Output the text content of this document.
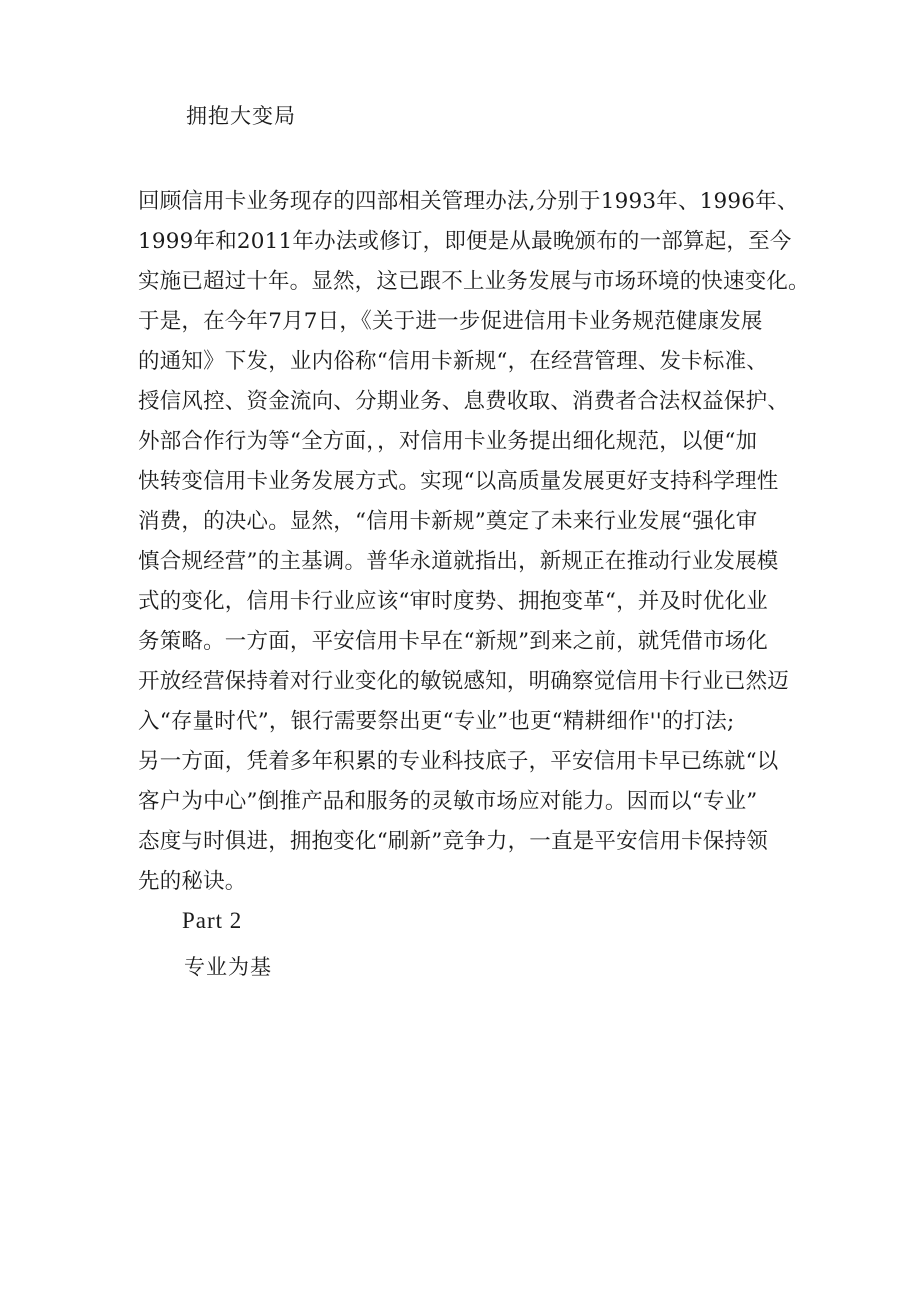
拥抱大变局
回顾信用卡业务现存的四部相关管理办法,分别于1993年、1996年、
1999年和2011年办法或修订，即便是从最晚颁布的一部算起，至今
实施已超过十年。显然，这已跟不上业务发展与市场环境的快速变化。
于是，在今年7月7日，《关于进一步促进信用卡业务规范健康发展
的通知》下发，业内俗称“信用卡新规“，在经营管理、发卡标准、
授信风控、资金流向、分期业务、息费收取、消费者合法权益保护、
外部合作行为等“全方面，，对信用卡业务提出细化规范，以便“加
快转变信用卡业务发展方式。实现“以高质量发展更好支持科学理性
消费，的决心。显然，“信用卡新规”奠定了未来行业发展“强化审
慎合规经营”的主基调。普华永道就指出，新规正在推动行业发展模
式的变化，信用卡行业应该“审时度势、拥抱变革“，并及时优化业
务策略。一方面，平安信用卡早在“新规”到来之前，就凭借市场化
开放经营保持着对行业变化的敏锐感知，明确察觉信用卡行业已然迈
入“存量时代”，银行需要祭出更“专业”也更“精耕细作''的打法;
另一方面，凭着多年积累的专业科技底子，平安信用卡早已练就“以
客户为中心”倒推产品和服务的灵敏市场应对能力。因而以“专业”
态度与时俱进，拥抱变化“刷新”竞争力，一直是平安信用卡保持领
先的秘诀。
Part 2
专业为基
